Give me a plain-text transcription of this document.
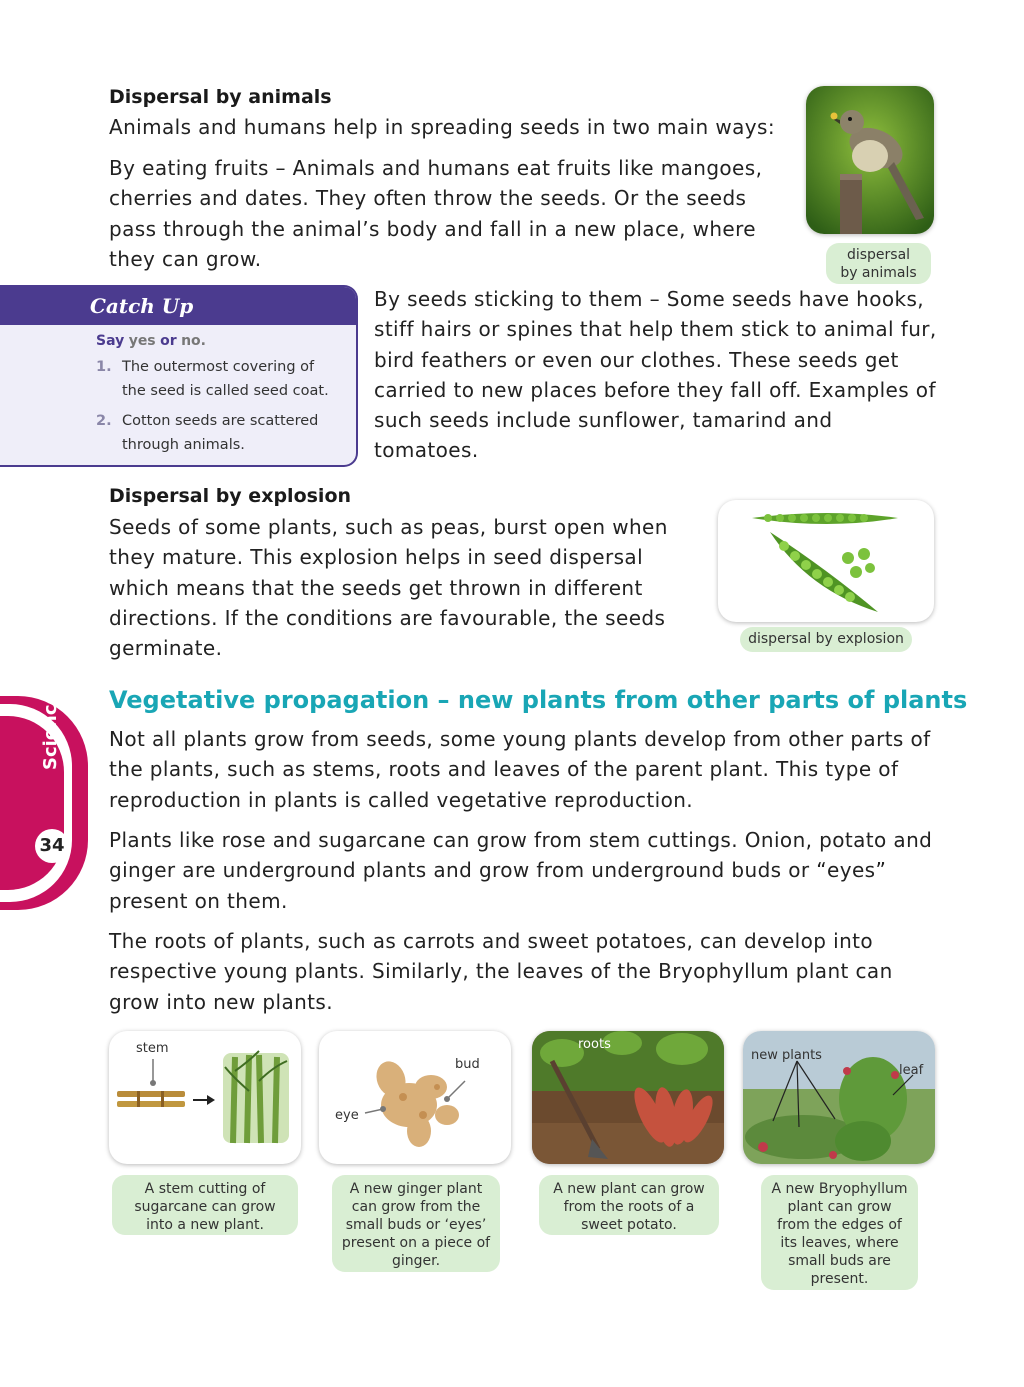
Dispersal by animals

Animals and humans help in spreading seeds in two main ways:

By eating fruits – Animals and humans eat fruits like mangoes, cherries and dates. They often throw the seeds. Or the seeds pass through the animal’s body and fall in a new place, where they can grow.	dispersal
by animals
Catch Up
Say yes or no.
1. The outermost covering of the seed is called seed coat.
2. Cotton seeds are scattered through animals.

By seeds sticking to them – Some seeds have hooks, stiff hairs or spines that help them stick to animal fur, bird feathers or even our clothes. These seeds get carried to new places before they fall off. Examples of such seeds include sunflower, tamarind and tomatoes.

Dispersal by explosion

Seeds of some plants, such as peas, burst open when they mature. This explosion helps in seed dispersal which means that the seeds get thrown in different directions. If the conditions are favourable, the seeds germinate.	dispersal by explosion
Vegetative propagation – new plants from other parts of plants

Not all plants grow from seeds, some young plants develop from other parts of the plants, such as stems, roots and leaves of the parent plant. This type of reproduction in plants is called vegetative reproduction.

Plants like rose and sugarcane can grow from stem cuttings. Onion, potato and ginger are underground plants and grow from underground buds or “eyes” present on them.

The roots of plants, such as carrots and sweet potatoes, can develop into respective young plants. Similarly, the leaves of the Bryophyllum plant can grow into new plants.

Science
34
stem
A stem cutting of sugarcane can grow into a new plant.
bud
eye
A new ginger plant can grow from the small buds or ‘eyes’ present on a piece of ginger.
roots
A new plant can grow from the roots of a sweet potato.
new plants
leaf
A new Bryophyllum plant can grow from the edges of its leaves, where small buds are present.
